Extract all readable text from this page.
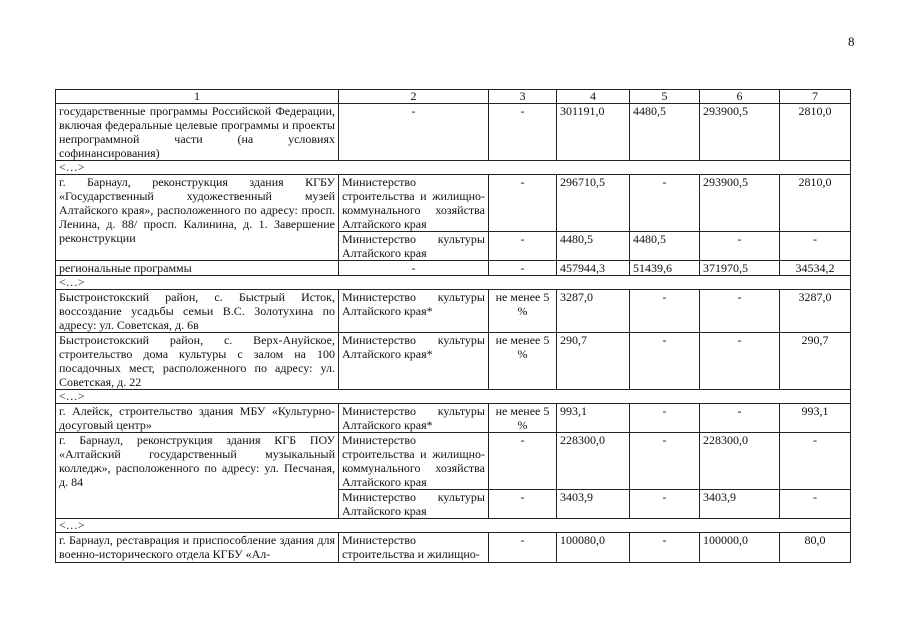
8
1	2	3	4	5	6	7
государственные программы Российской Федерации, включая федеральные целевые программы и проекты непрограммной части (на условиях софинансирования)	-	-	301191,0	4480,5	293900,5	2810,0
<…>						
г. Барнаул, реконструкция здания КГБУ «Государственный художественный музей Алтайского края», расположенного по адресу: просп. Ленина, д. 88/ просп. Калинина, д. 1. Завершение реконструкции	Министерство строительства и жилищно-коммунального хозяйства Алтайского края	-	296710,5	-	293900,5	2810,0
	Министерство культуры Алтайского края	-	4480,5	4480,5	-	-
региональные программы	-	-	457944,3	51439,6	371970,5	34534,2
<…>						
Быстроистокский район, с. Быстрый Исток, воссоздание усадьбы семьи В.С. Золотухина по адресу: ул. Советская, д. 6в	Министерство культуры Алтайского края*	не менее 5 %	3287,0	-	-	3287,0
Быстроистокский район, с. Верх-Ануйское, строительство дома культуры с залом на 100 посадочных мест, расположенного по адресу: ул. Советская, д. 22	Министерство культуры Алтайского края*	не менее 5 %	290,7	-	-	290,7
<…>						
г. Алейск, строительство здания МБУ «Культурно-досуговый центр»	Министерство культуры Алтайского края*	не менее 5 %	993,1	-	-	993,1
г. Барнаул, реконструкция здания КГБ ПОУ «Алтайский государственный музыкальный колледж», расположенного по адресу: ул. Песчаная, д. 84	Министерство строительства и жилищно-коммунального хозяйства Алтайского края	-	228300,0	-	228300,0	-
	Министерство культуры Алтайского края	-	3403,9	-	3403,9	-
<…>						
г. Барнаул, реставрация и приспособление здания для военно-исторического отдела КГБУ «Ал-	Министерство строительства и жилищно-	-	100080,0	-	100000,0	80,0
